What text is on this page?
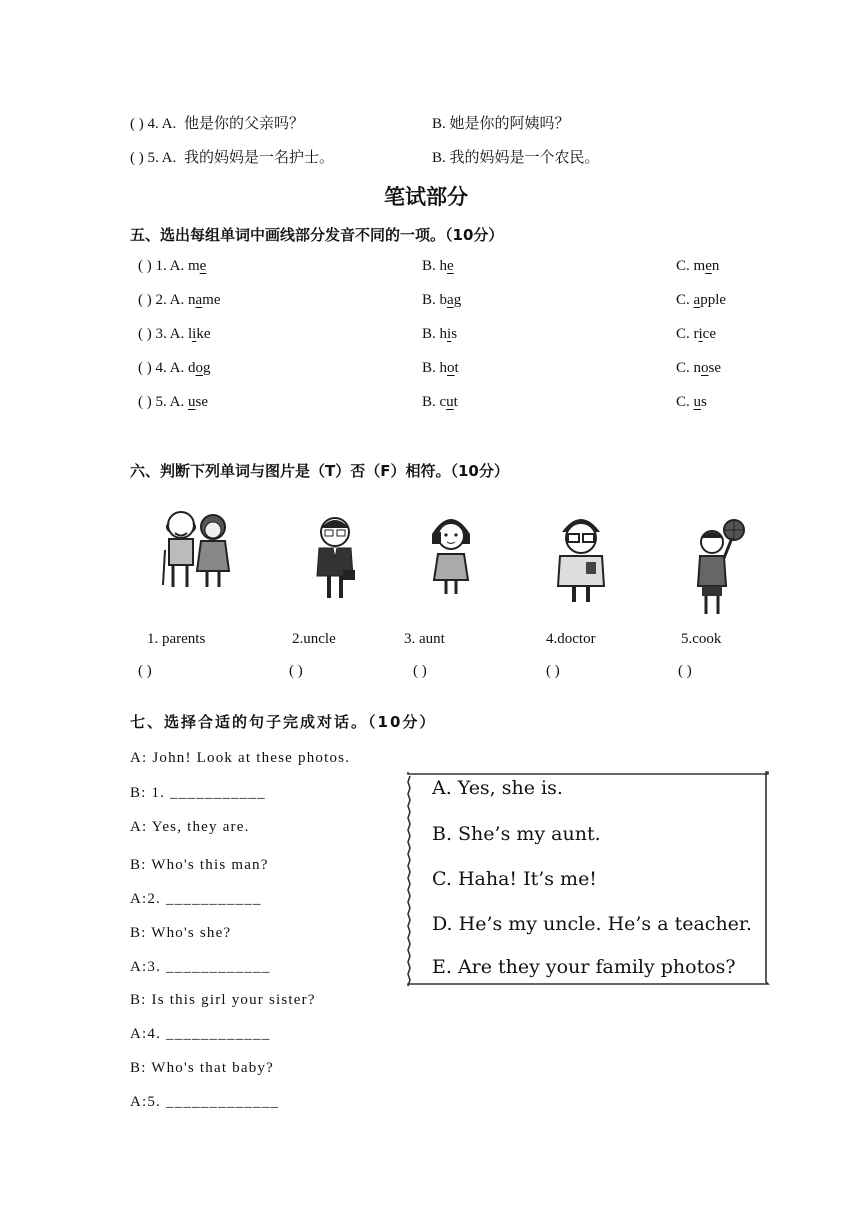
( ) 4. A. 他是你的父亲吗？	B. 她是你的阿姨吗？
( ) 5. A. 我的妈妈是一名护士。	B. 我的妈妈是一个农民。
笔试部分
五、选出每组单词中画线部分发音不同的一项。（10分）
( ) 1. A. me	B. he	C. men
( ) 2. A. name	B. bag	C. apple
( ) 3. A. like	B. his	C. rice
( ) 4. A. dog	B. hot	C. nose
( ) 5. A. use	B. cut	C. us
六、判断下列单词与图片是（T）否（F）相符。（10分）
1. parents
( )
2.uncle
( )
3. aunt
( )
4.doctor
( )
5.cook
( )
七、选择合适的句子完成对话。（10分）
A: John! Look at these photos.
B: 1. ___________
A: Yes, they are.
B: Who's this man?
A:2. ___________
B: Who's she?
A:3. ____________
B: Is this girl your sister?
A:4. ____________
B: Who's that baby?
A:5. _____________
A. Yes, she is.
B. She’s my aunt.
C. Haha! It’s me!
D. He’s my uncle. He’s a teacher.
E. Are they your family photos?
